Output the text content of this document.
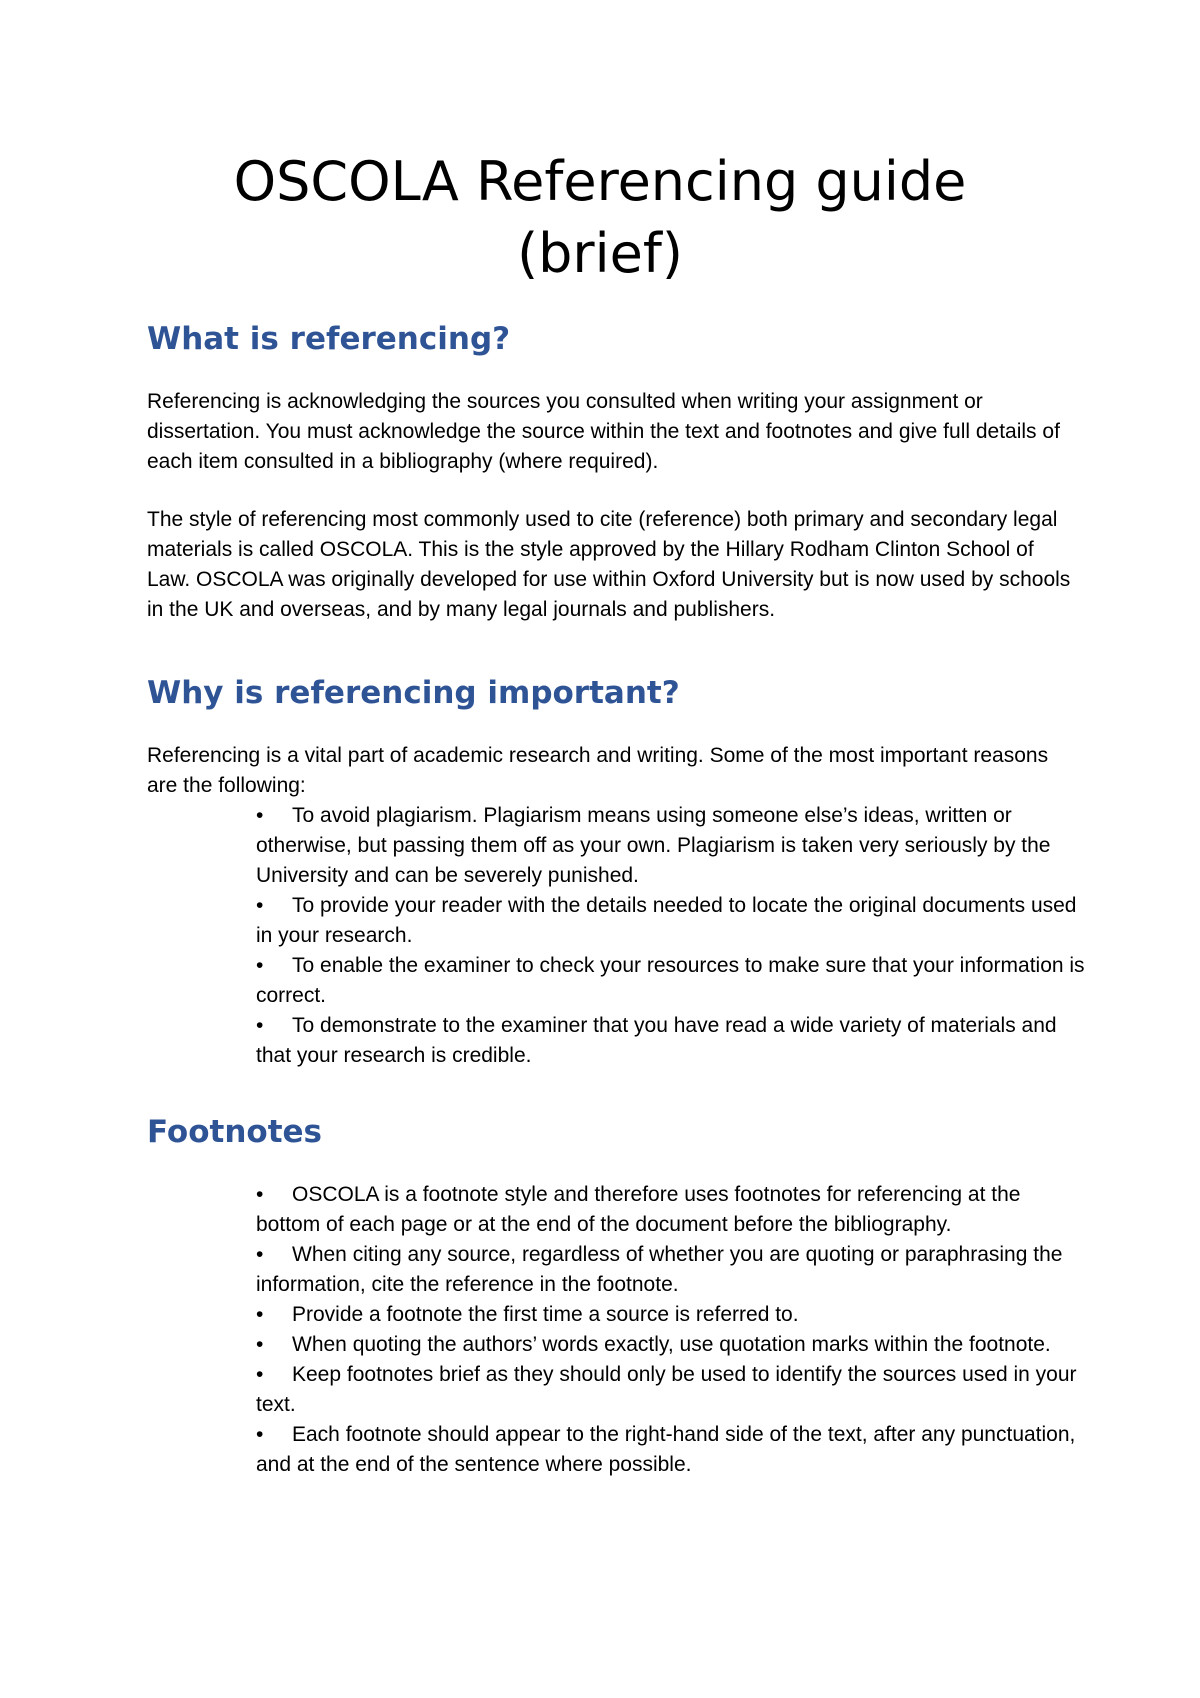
OSCOLA Referencing guide
(brief)
What is referencing?

Referencing is acknowledging the sources you consulted when writing your assignment or dissertation. You must acknowledge the source within the text and footnotes and give full details of each item consulted in a bibliography (where required).

The style of referencing most commonly used to cite (reference) both primary and secondary legal materials is called OSCOLA. This is the style approved by the Hillary Rodham Clinton School of Law. OSCOLA was originally developed for use within Oxford University but is now used by schools in the UK and overseas, and by many legal journals and publishers.

Why is referencing important?

Referencing is a vital part of academic research and writing. Some of the most important reasons are the following:

• To avoid plagiarism. Plagiarism means using someone else’s ideas, written or otherwise, but passing them off as your own. Plagiarism is taken very seriously by the University and can be severely punished.
• To provide your reader with the details needed to locate the original documents used in your research.
• To enable the examiner to check your resources to make sure that your information is correct.
• To demonstrate to the examiner that you have read a wide variety of materials and that your research is credible.
Footnotes
• OSCOLA is a footnote style and therefore uses footnotes for referencing at the bottom of each page or at the end of the document before the bibliography.
• When citing any source, regardless of whether you are quoting or paraphrasing the information, cite the reference in the footnote.
• Provide a footnote the first time a source is referred to.
• When quoting the authors’ words exactly, use quotation marks within the footnote.
• Keep footnotes brief as they should only be used to identify the sources used in your text.
• Each footnote should appear to the right-hand side of the text, after any punctuation, and at the end of the sentence where possible.
